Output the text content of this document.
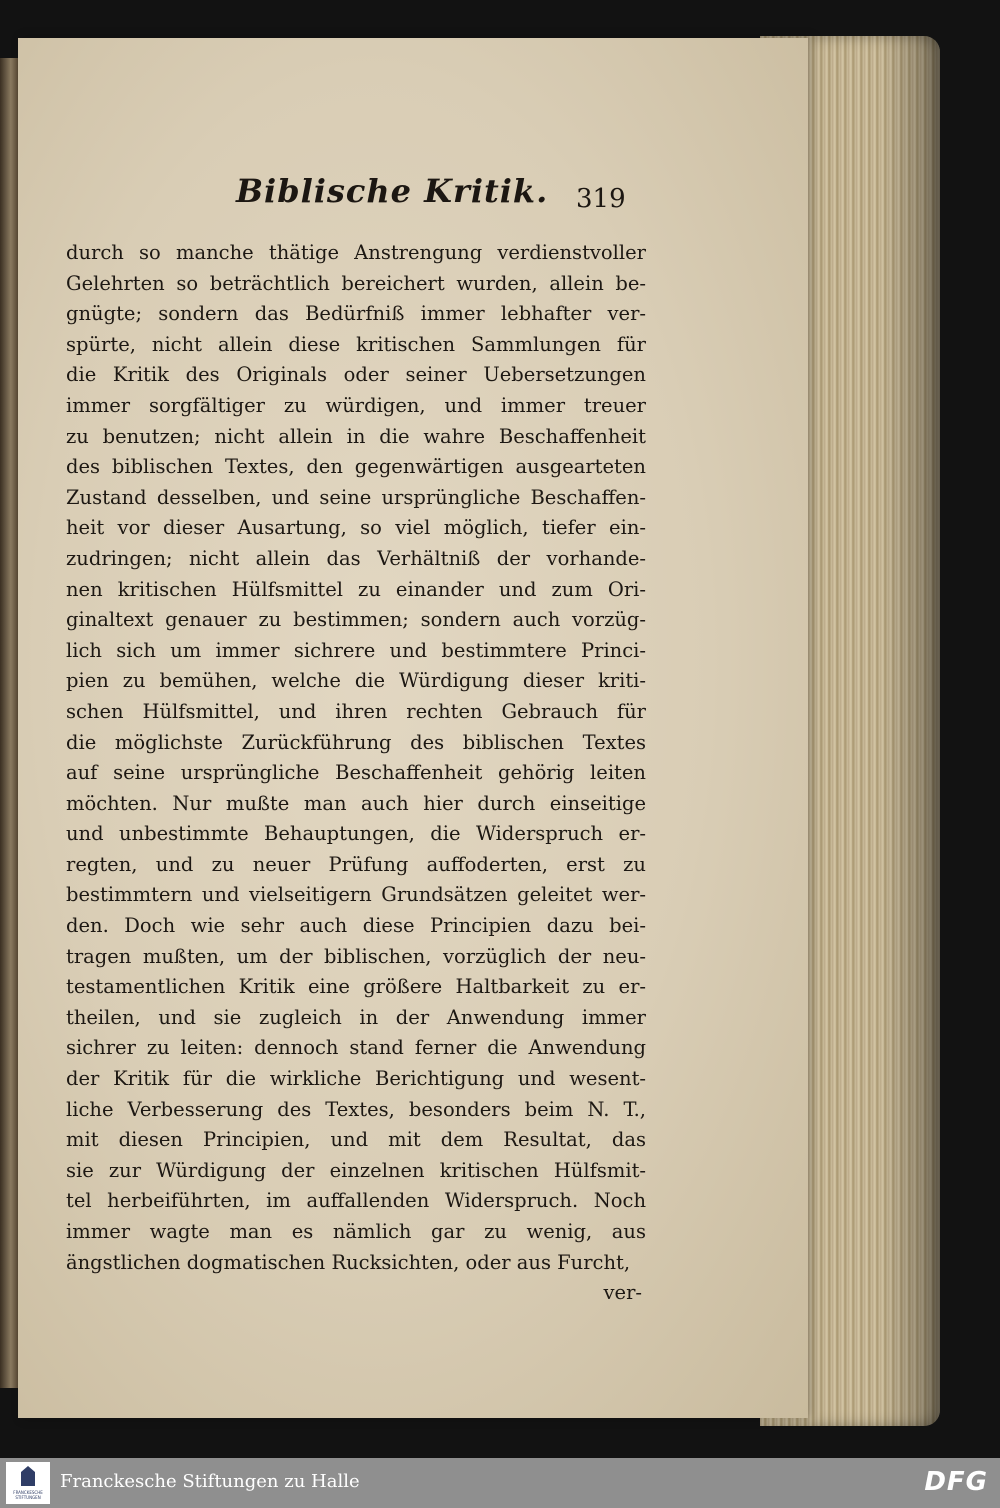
Biblische Kritik. 319
durch so manche thätige Anstrengung verdienstvoller
Gelehrten so beträchtlich bereichert wurden, allein be-
gnügte; sondern das Bedürfniß immer lebhafter ver-
spürte, nicht allein diese kritischen Sammlungen für
die Kritik des Originals oder seiner Uebersetzungen
immer sorgfältiger zu würdigen, und immer treuer
zu benutzen; nicht allein in die wahre Beschaffenheit
des biblischen Textes, den gegenwärtigen ausgearteten
Zustand desselben, und seine ursprüngliche Beschaffen-
heit vor dieser Ausartung, so viel möglich, tiefer ein-
zudringen; nicht allein das Verhältniß der vorhande-
nen kritischen Hülfsmittel zu einander und zum Ori-
ginaltext genauer zu bestimmen; sondern auch vorzüg-
lich sich um immer sichrere und bestimmtere Princi-
pien zu bemühen, welche die Würdigung dieser kriti-
schen Hülfsmittel, und ihren rechten Gebrauch für
die möglichste Zurückführung des biblischen Textes
auf seine ursprüngliche Beschaffenheit gehörig leiten
möchten. Nur mußte man auch hier durch einseitige
und unbestimmte Behauptungen, die Widerspruch er-
regten, und zu neuer Prüfung auffoderten, erst zu
bestimmtern und vielseitigern Grundsätzen geleitet wer-
den. Doch wie sehr auch diese Principien dazu bei-
tragen mußten, um der biblischen, vorzüglich der neu-
testamentlichen Kritik eine größere Haltbarkeit zu er-
theilen, und sie zugleich in der Anwendung immer
sichrer zu leiten: dennoch stand ferner die Anwendung
der Kritik für die wirkliche Berichtigung und wesent-
liche Verbesserung des Textes, besonders beim N. T.,
mit diesen Principien, und mit dem Resultat, das
sie zur Würdigung der einzelnen kritischen Hülfsmit-
tel herbeiführten, im auffallenden Widerspruch. Noch
immer wagte man es nämlich gar zu wenig, aus
ängstlichen dogmatischen Rucksichten, oder aus Furcht,
ver-
FRANCKESCHE STIFTUNGEN
Franckesche Stiftungen zu Halle	DFG
